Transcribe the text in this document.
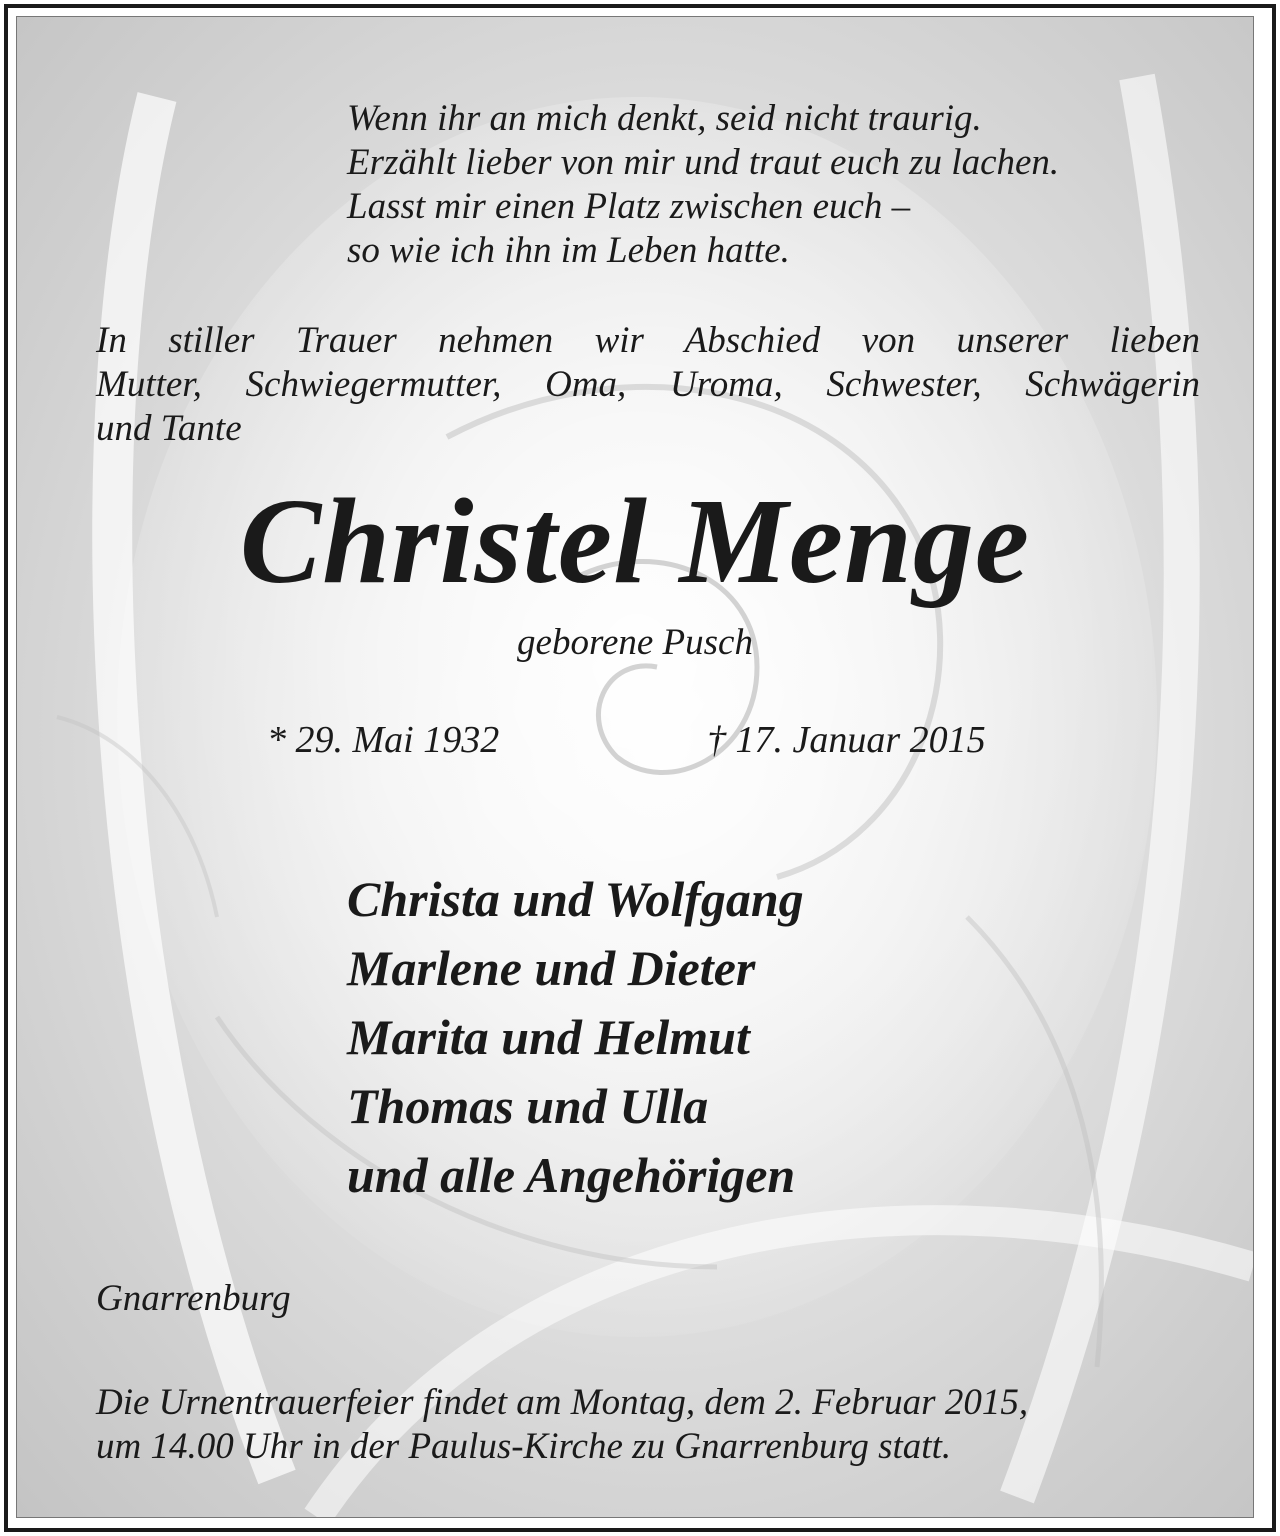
Wenn ihr an mich denkt, seid nicht traurig.
Erzählt lieber von mir und traut euch zu lachen.
Lasst mir einen Platz zwischen euch –
so wie ich ihn im Leben hatte.
In stiller Trauer nehmen wir Abschied von unserer lieben
Mutter, Schwiegermutter, Oma, Uroma, Schwester, Schwägerin
und Tante
Christel Menge
geborene Pusch
* 29. Mai 1932	† 17. Januar 2015
Christa und Wolfgang
Marlene und Dieter
Marita und Helmut
Thomas und Ulla
und alle Angehörigen
Gnarrenburg
Die Urnentrauerfeier findet am Montag, dem 2. Februar 2015,
um 14.00 Uhr in der Paulus-Kirche zu Gnarrenburg statt.
